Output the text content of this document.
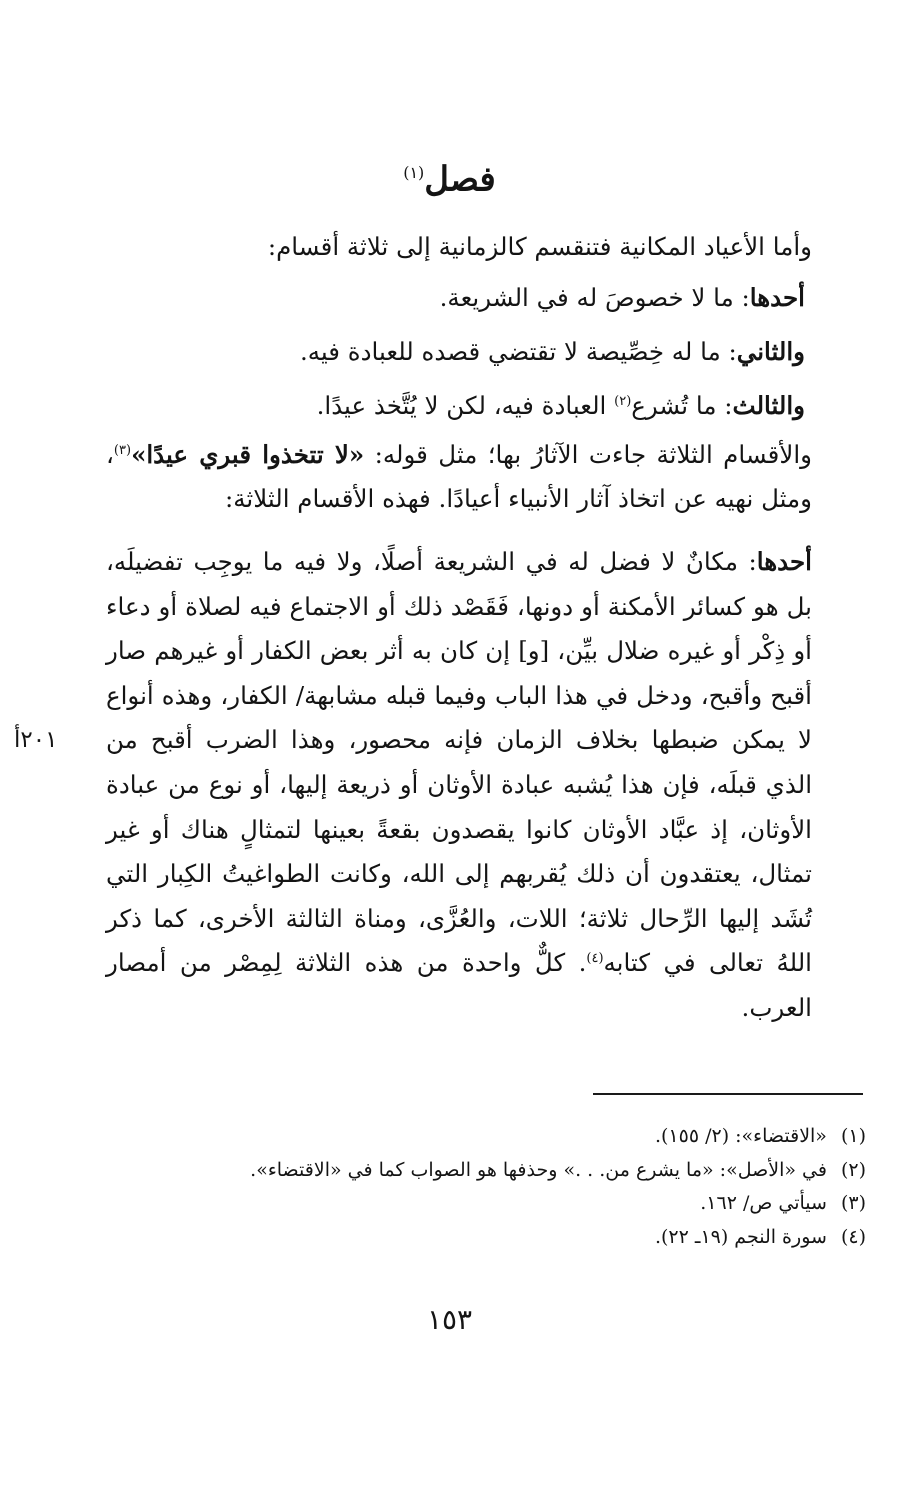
فصل$^{(١)}$
وأما الأعياد المكانية فتنقسم كالزمانية إلى ثلاثة أقسام:
أحدها: ما لا خصوصَ له في الشريعة.
والثاني: ما له خِصِّيصة لا تقتضي قصده للعبادة فيه.
والثالث: ما تُشرع$^{(٢)}$ العبادة فيه، لكن لا يُتَّخذ عيدًا.
والأقسام الثلاثة جاءت الآثارُ بها؛ مثل قوله: «لا تتخذوا قبري عيدًا»$^{(٣)}$، ومثل نهيه عن اتخاذ آثار الأنبياء أعيادًا. فهذه الأقسام الثلاثة:
أحدها: مكانٌ لا فضل له في الشريعة أصلًا، ولا فيه ما يوجِب تفضيلَه، بل هو كسائر الأمكنة أو دونها، فَقَصْد ذلك أو الاجتماع فيه لصلاة أو دعاء أو ذِكْر أو غيره ضلال بيِّن، [و] إن كان به أثر بعض الكفار أو غيرهم صار أقبح وأقبح، ودخل في هذا الباب وفيما قبله مشابهة/ الكفار، وهذه أنواع لا يمكن ضبطها بخلاف الزمان فإنه محصور، وهذا الضرب أقبح من الذي قبلَه، فإن هذا يُشبه عبادة الأوثان أو ذريعة إليها، أو نوع من عبادة الأوثان، إذ عبَّاد الأوثان كانوا يقصدون بقعةً بعينها لتمثالٍ هناك أو غير تمثال، يعتقدون أن ذلك يُقربهم إلى الله، وكانت الطواغيتُ الكِبار التي تُشَد إليها الرِّحال ثلاثة؛ اللات، والعُزَّى، ومناة الثالثة الأخرى، كما ذكر اللهُ تعالى في كتابه$^{(٤)}$. كلٌّ واحدة من هذه الثلاثة لِمِصْر من أمصار العرب.
٢٠١أ
(١)
«الاقتضاء»: (٢/ ١٥٥).
(٢)
في «الأصل»: «ما يشرع من. . .» وحذفها هو الصواب كما في «الاقتضاء».
(٣)
سيأتي ص/ ١٦٢.
(٤)
سورة النجم (١٩ـ ٢٢).
١٥٣
